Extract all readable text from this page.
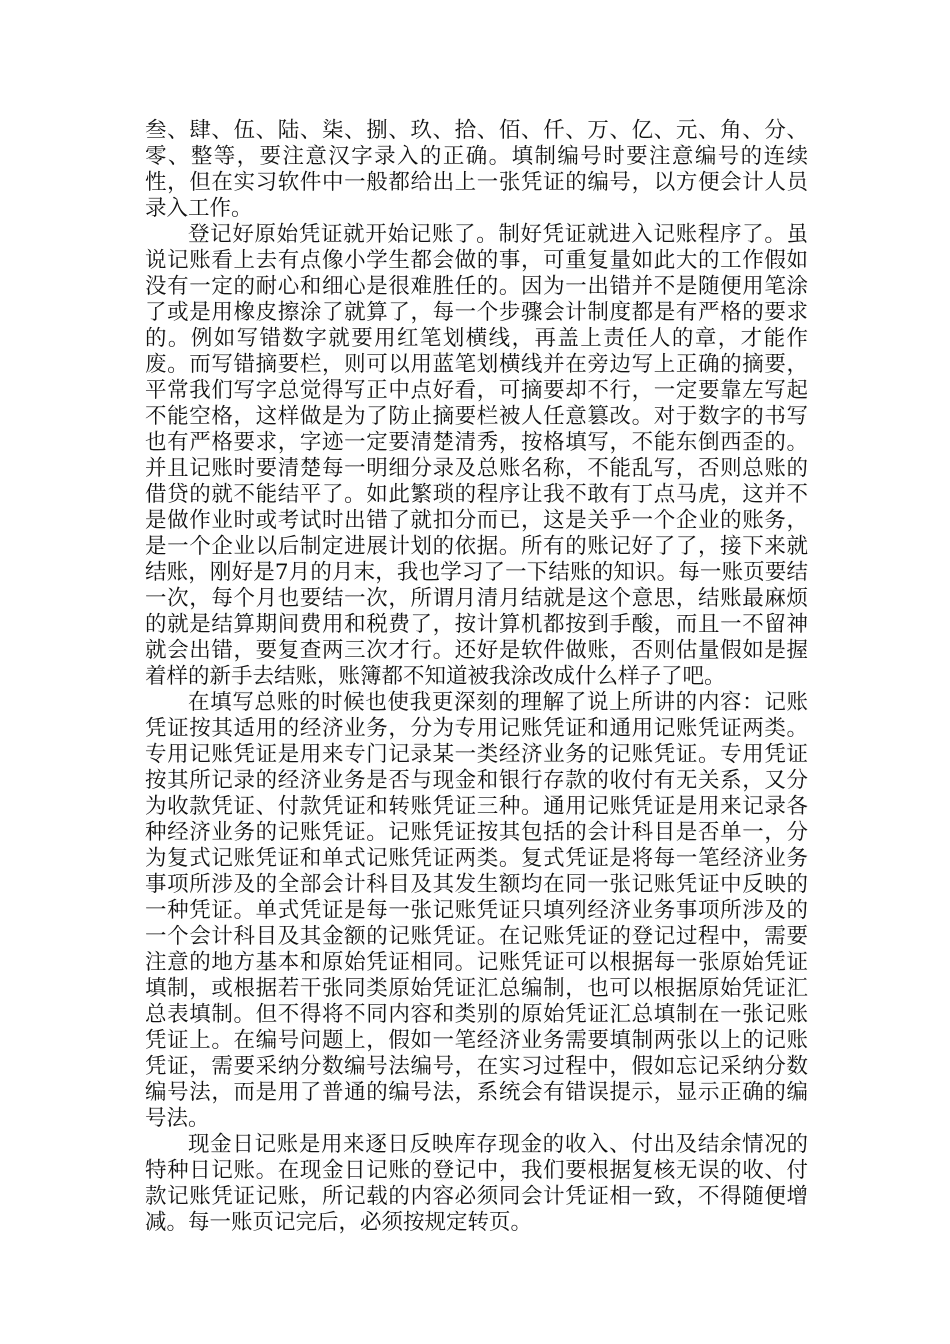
叁、肆、伍、陆、柒、捌、玖、拾、佰、仟、万、亿、元、角、分、零、整等，要注意汉字录入的正确。填制编号时要注意编号的连续性，但在实习软件中一般都给出上一张凭证的编号，以方便会计人员录入工作。

登记好原始凭证就开始记账了。制好凭证就进入记账程序了。虽说记账看上去有点像小学生都会做的事，可重复量如此大的工作假如没有一定的耐心和细心是很难胜任的。因为一出错并不是随便用笔涂了或是用橡皮擦涂了就算了，每一个步骤会计制度都是有严格的要求的。例如写错数字就要用红笔划横线，再盖上责任人的章，才能作废。而写错摘要栏，则可以用蓝笔划横线并在旁边写上正确的摘要，平常我们写字总觉得写正中点好看，可摘要却不行，一定要靠左写起不能空格，这样做是为了防止摘要栏被人任意篡改。对于数字的书写也有严格要求，字迹一定要清楚清秀，按格填写，不能东倒西歪的。并且记账时要清楚每一明细分录及总账名称，不能乱写，否则总账的借贷的就不能结平了。如此繁琐的程序让我不敢有丁点马虎，这并不是做作业时或考试时出错了就扣分而已，这是关乎一个企业的账务，是一个企业以后制定进展计划的依据。所有的账记好了了，接下来就结账，刚好是7月的月末，我也学习了一下结账的知识。每一账页要结一次，每个月也要结一次，所谓月清月结就是这个意思，结账最麻烦的就是结算期间费用和税费了，按计算机都按到手酸，而且一不留神就会出错，要复查两三次才行。还好是软件做账，否则估量假如是握着样的新手去结账，账簿都不知道被我涂改成什么样子了吧。

在填写总账的时候也使我更深刻的理解了说上所讲的内容：记账凭证按其适用的经济业务，分为专用记账凭证和通用记账凭证两类。专用记账凭证是用来专门记录某一类经济业务的记账凭证。专用凭证按其所记录的经济业务是否与现金和银行存款的收付有无关系，又分为收款凭证、付款凭证和转账凭证三种。通用记账凭证是用来记录各种经济业务的记账凭证。记账凭证按其包括的会计科目是否单一，分为复式记账凭证和单式记账凭证两类。复式凭证是将每一笔经济业务事项所涉及的全部会计科目及其发生额均在同一张记账凭证中反映的一种凭证。单式凭证是每一张记账凭证只填列经济业务事项所涉及的一个会计科目及其金额的记账凭证。在记账凭证的登记过程中，需要注意的地方基本和原始凭证相同。记账凭证可以根据每一张原始凭证填制，或根据若干张同类原始凭证汇总编制，也可以根据原始凭证汇总表填制。但不得将不同内容和类别的原始凭证汇总填制在一张记账凭证上。在编号问题上，假如一笔经济业务需要填制两张以上的记账凭证，需要采纳分数编号法编号，在实习过程中，假如忘记采纳分数编号法，而是用了普通的编号法，系统会有错误提示，显示正确的编号法。

现金日记账是用来逐日反映库存现金的收入、付出及结余情况的特种日记账。在现金日记账的登记中，我们要根据复核无误的收、付款记账凭证记账，所记载的内容必须同会计凭证相一致，不得随便增减。每一账页记完后，必须按规定转页。
